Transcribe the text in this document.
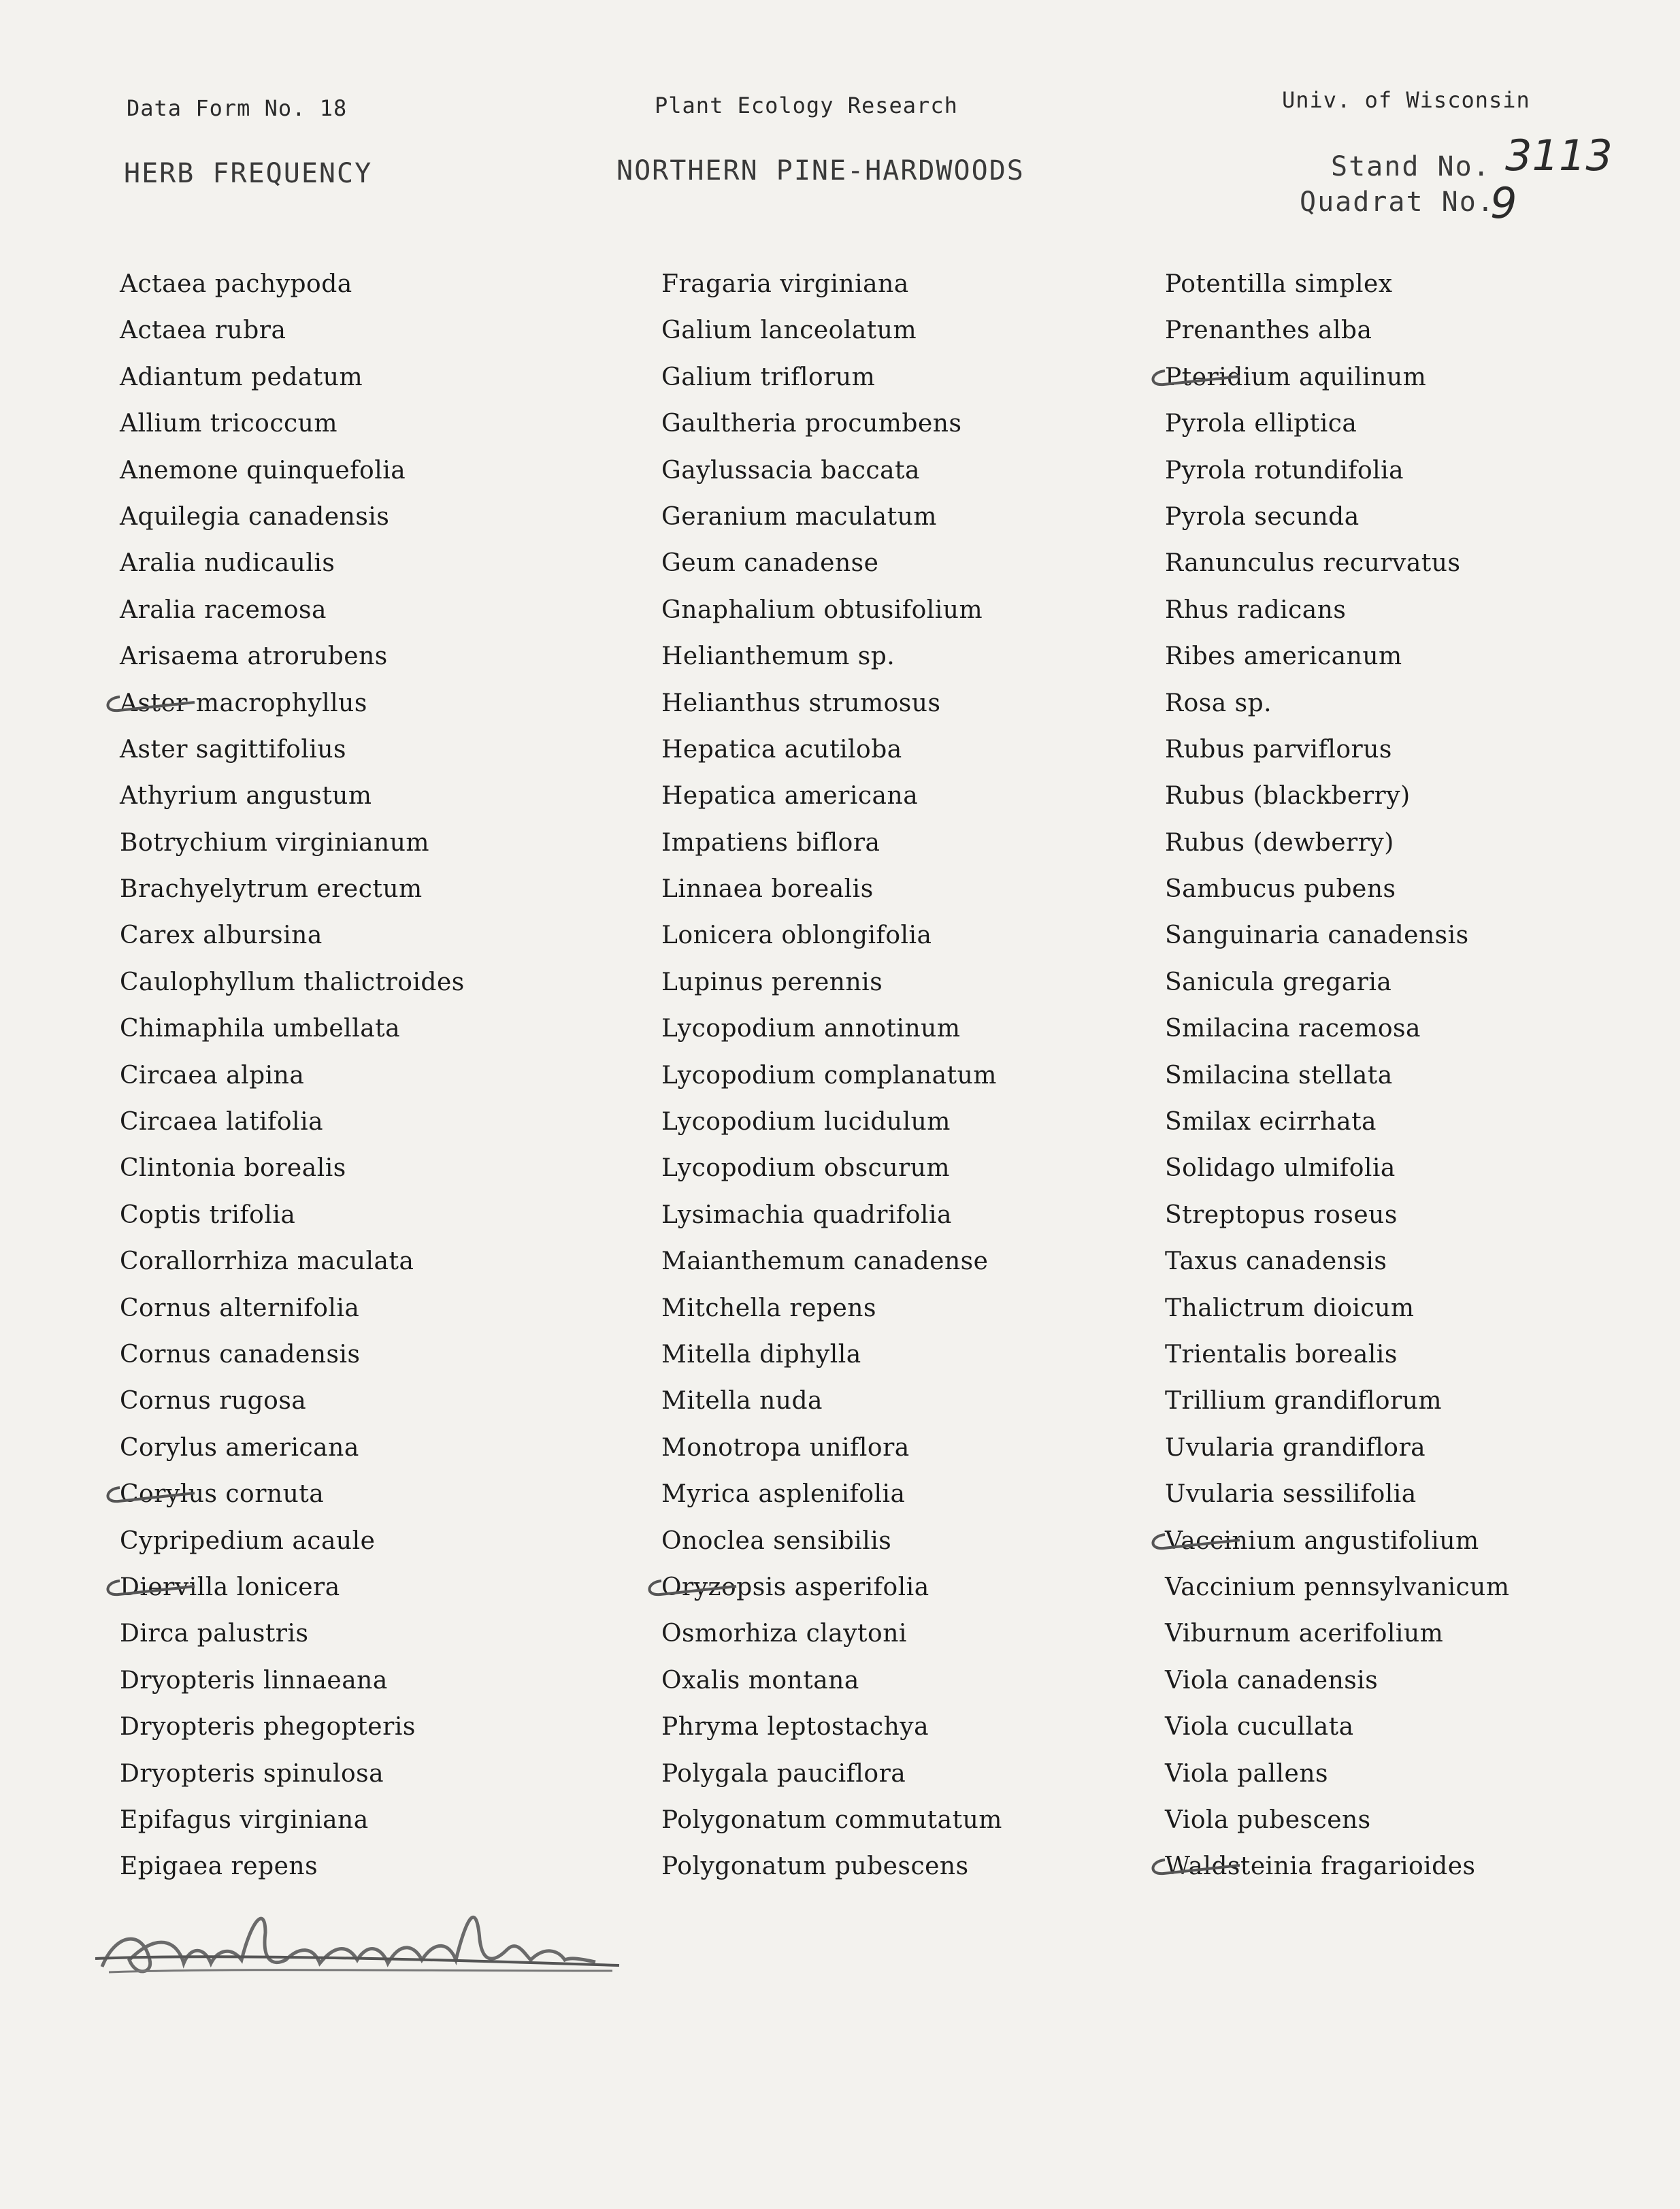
Data Form No. 18	Plant Ecology Research	Univ. of Wisconsin
HERB FREQUENCY	NORTHERN PINE-HARDWOODS	Stand No. 3113
Quadrat No.
9
Actaea pachypoda
Actaea rubra
Adiantum pedatum
Allium tricoccum
Anemone quinquefolia
Aquilegia canadensis
Aralia nudicaulis
Aralia racemosa
Arisaema atrorubens
Aster macrophyllus
Aster sagittifolius
Athyrium angustum
Botrychium virginianum
Brachyelytrum erectum
Carex albursina
Caulophyllum thalictroides
Chimaphila umbellata
Circaea alpina
Circaea latifolia
Clintonia borealis
Coptis trifolia
Corallorrhiza maculata
Cornus alternifolia
Cornus canadensis
Cornus rugosa
Corylus americana
Corylus cornuta
Cypripedium acaule
Diervilla lonicera
Dirca palustris
Dryopteris linnaeana
Dryopteris phegopteris
Dryopteris spinulosa
Epifagus virginiana
Epigaea repens
Fragaria virginiana
Galium lanceolatum
Galium triflorum
Gaultheria procumbens
Gaylussacia baccata
Geranium maculatum
Geum canadense
Gnaphalium obtusifolium
Helianthemum sp.
Helianthus strumosus
Hepatica acutiloba
Hepatica americana
Impatiens biflora
Linnaea borealis
Lonicera oblongifolia
Lupinus perennis
Lycopodium annotinum
Lycopodium complanatum
Lycopodium lucidulum
Lycopodium obscurum
Lysimachia quadrifolia
Maianthemum canadense
Mitchella repens
Mitella diphylla
Mitella nuda
Monotropa uniflora
Myrica asplenifolia
Onoclea sensibilis
Oryzopsis asperifolia
Osmorhiza claytoni
Oxalis montana
Phryma leptostachya
Polygala pauciflora
Polygonatum commutatum
Polygonatum pubescens
Potentilla simplex
Prenanthes alba
Pteridium aquilinum
Pyrola elliptica
Pyrola rotundifolia
Pyrola secunda
Ranunculus recurvatus
Rhus radicans
Ribes americanum
Rosa sp.
Rubus parviflorus
Rubus (blackberry)
Rubus (dewberry)
Sambucus pubens
Sanguinaria canadensis
Sanicula gregaria
Smilacina racemosa
Smilacina stellata
Smilax ecirrhata
Solidago ulmifolia
Streptopus roseus
Taxus canadensis
Thalictrum dioicum
Trientalis borealis
Trillium grandiflorum
Uvularia grandiflora
Uvularia sessilifolia
Vaccinium angustifolium
Vaccinium pennsylvanicum
Viburnum acerifolium
Viola canadensis
Viola cucullata
Viola pallens
Viola pubescens
Waldsteinia fragarioides
